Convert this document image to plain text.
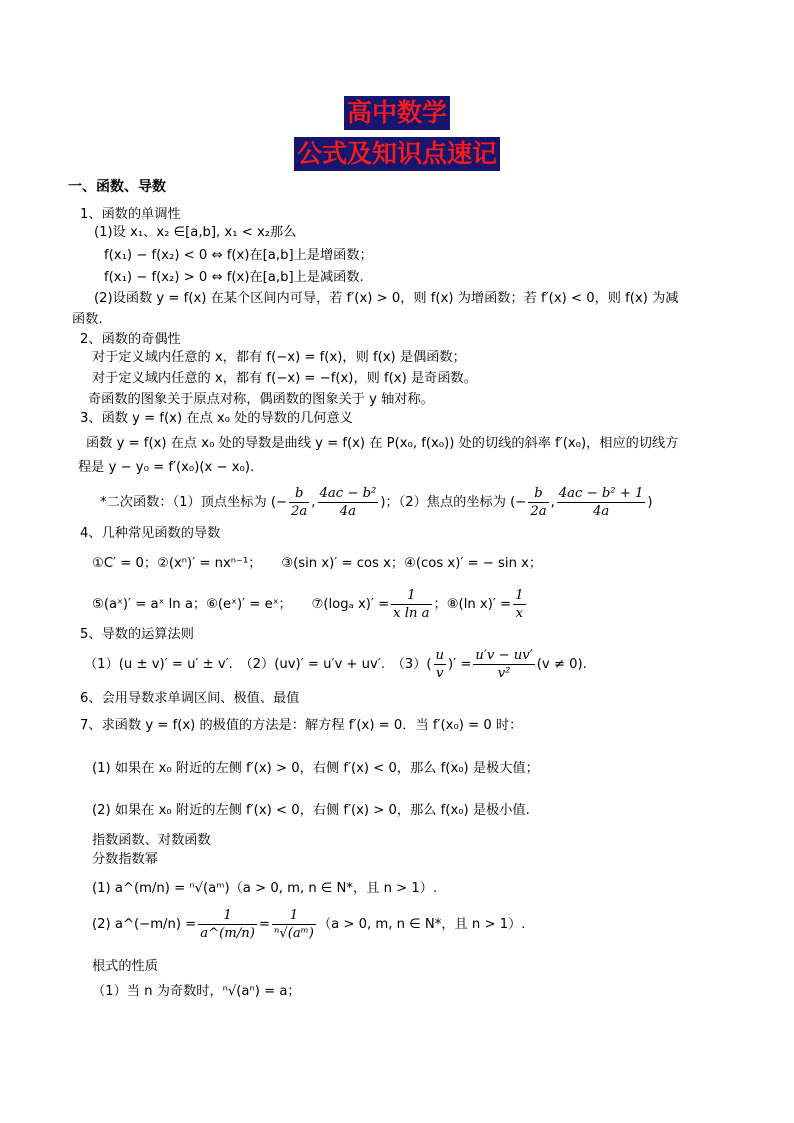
高中数学
公式及知识点速记
一、函数、导数
1、函数的单调性
(1)设 x₁、x₂ ∈[a,b], x₁ < x₂那么
f(x₁) − f(x₂) < 0 ⇔ f(x)在[a,b]上是增函数；
f(x₁) − f(x₂) > 0 ⇔ f(x)在[a,b]上是减函数.
(2)设函数 y = f(x) 在某个区间内可导，若 f′(x) > 0，则 f(x) 为增函数；若 f′(x) < 0，则 f(x) 为减
函数.
2、函数的奇偶性
对于定义域内任意的 x，都有 f(−x) = f(x)，则 f(x) 是偶函数；
对于定义域内任意的 x，都有 f(−x) = −f(x)，则 f(x) 是奇函数。
奇函数的图象关于原点对称，偶函数的图象关于 y 轴对称。
3、函数 y = f(x) 在点 x₀ 处的导数的几何意义
函数 y = f(x) 在点 x₀ 处的导数是曲线 y = f(x) 在 P(x₀, f(x₀)) 处的切线的斜率 f′(x₀)，相应的切线方
程是 y − y₀ = f′(x₀)(x − x₀).
*二次函数：（1）顶点坐标为 (− $\frac{b}{2a}$ , $\frac{\text{4ac − b²}}{4a}$ )；（2）焦点的坐标为 (− $\frac{b}{2a}$ , $\frac{\text{4ac − b² + 1}}{4a}$ )
4、几种常见函数的导数
①C′ = 0；②(xⁿ)′ = nxⁿ⁻¹；　　③(sin x)′ = cos x；④(cos x)′ = − sin x；
⑤(aˣ)′ = aˣ ln a；⑥(eˣ)′ = eˣ；　　⑦(logₐ $x)' = \frac{1}{\text{x ln a}}$ ；⑧(ln $x)' = \frac{1}{x}$
5、导数的运算法则
（1）(u ± v)′ = u′ ± v′.　（2）(uv)′ = u′v + uv′.　$(3)( \frac{u}{v}$ )′ = $\frac{u'v - uv'}{\text{v²}} (v \ne 0)$.
6、会用导数求单调区间、极值、最值
7、求函数 y = f(x) 的极值的方法是：解方程 f′(x) = 0．当 f′(x₀) = 0 时：
(1) 如果在 x₀ 附近的左侧 f′(x) > 0，右侧 f′(x) < 0，那么 f(x₀) 是极大值；
(2) 如果在 x₀ 附近的左侧 f′(x) < 0，右侧 f′(x) > 0，那么 f(x₀) 是极小值.
指数函数、对数函数
分数指数幂
(1) a^(m/n) = ⁿ√(aᵐ)（a > 0, m, n ∈ N*，且 n > 1）.
(2) a^(−m/n) = $\frac{1}{a\^{}(m/n)} = \frac{1}{\text{ⁿ√(aᵐ)}} (a > 0$, m, n ∈ N*，且 n > 1）.
根式的性质
（1）当 n 为奇数时，ⁿ√(aⁿ) = a；
